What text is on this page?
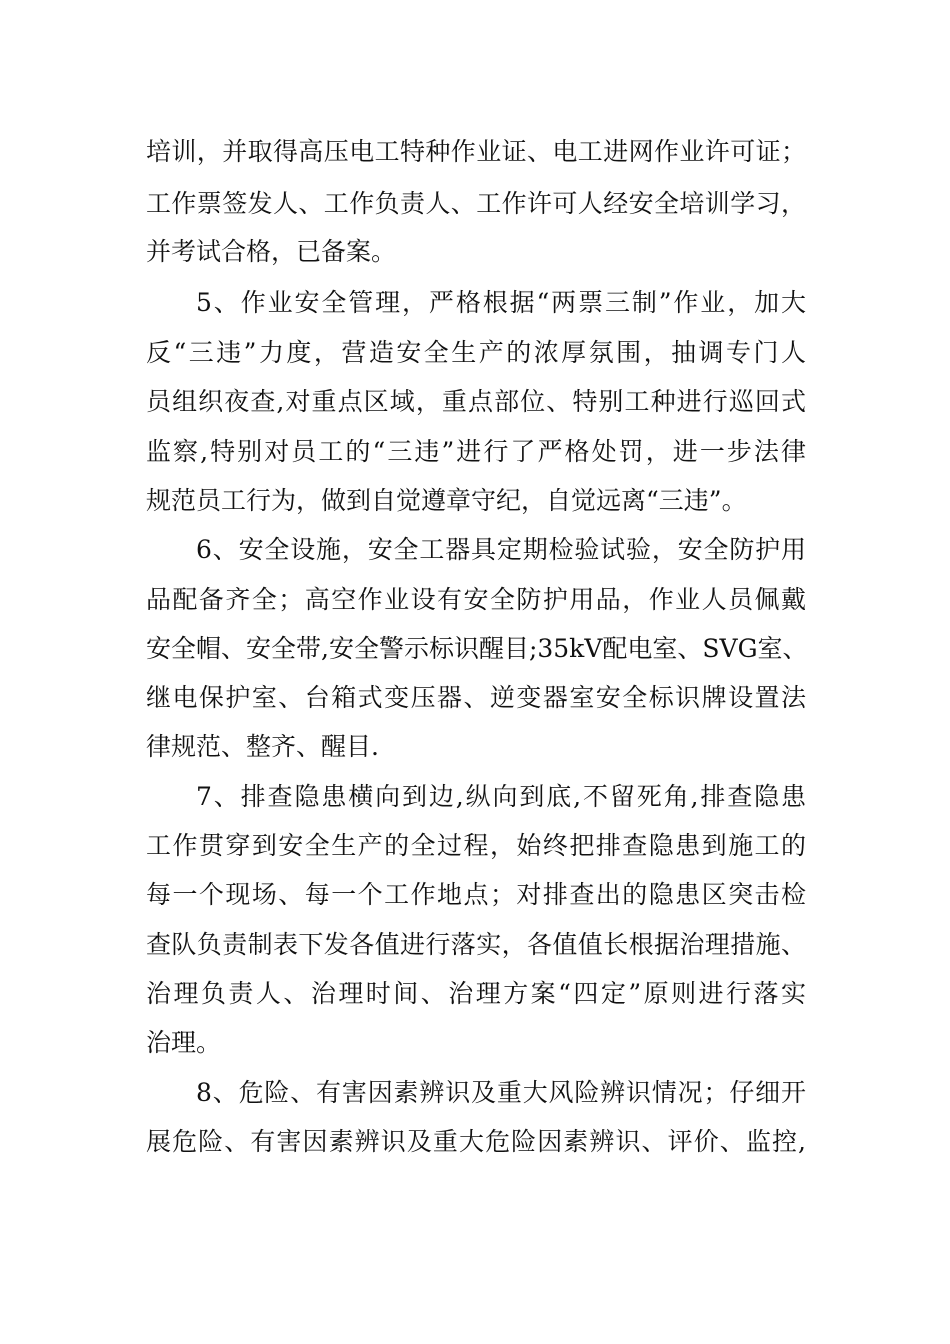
培训，并取得高压电工特种作业证、电工进网作业许可证；
工作票签发人、工作负责人、工作许可人经安全培训学习，
并考试合格，已备案。
5、作业安全管理，严格根据“两票三制”作业，加大
反“三违”力度，营造安全生产的浓厚氛围，抽调专门人
员组织夜查,对重点区域，重点部位、特别工种进行巡回式
监察,特别对员工的“三违”进行了严格处罚，进一步法律
规范员工行为，做到自觉遵章守纪，自觉远离“三违”。
6、安全设施，安全工器具定期检验试验，安全防护用
品配备齐全；高空作业设有安全防护用品，作业人员佩戴
安全帽、安全带,安全警示标识醒目;35kV配电室、SVG室、
继电保护室、台箱式变压器、逆变器室安全标识牌设置法
律规范、整齐、醒目.
7、排查隐患横向到边,纵向到底,不留死角,排查隐患
工作贯穿到安全生产的全过程，始终把排查隐患到施工的
每一个现场、每一个工作地点；对排查出的隐患区突击检
查队负责制表下发各值进行落实，各值值长根据治理措施、
治理负责人、治理时间、治理方案“四定”原则进行落实
治理。
8、危险、有害因素辨识及重大风险辨识情况；仔细开
展危险、有害因素辨识及重大危险因素辨识、评价、监控,
